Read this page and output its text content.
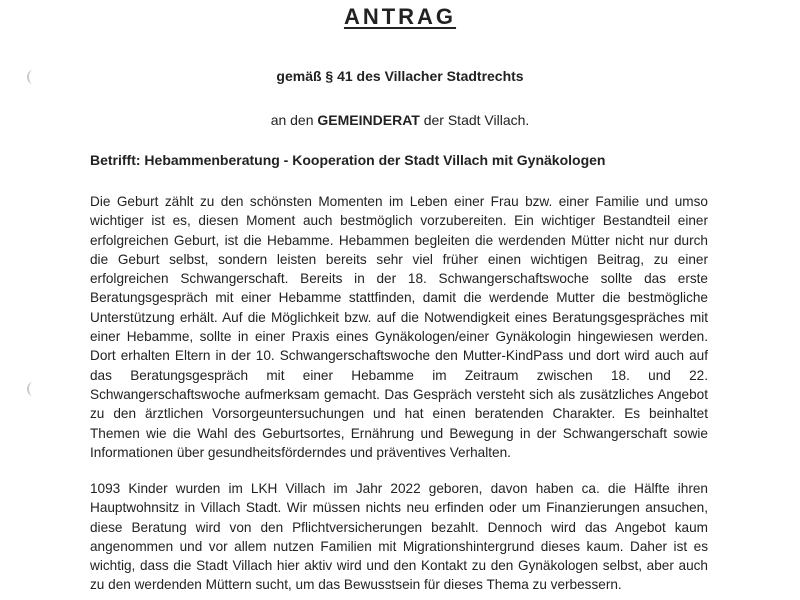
ANTRAG
gemäß § 41 des Villacher Stadtrechts
an den GEMEINDERAT der Stadt Villach.
Betrifft: Hebammenberatung - Kooperation der Stadt Villach mit Gynäkologen
Die Geburt zählt zu den schönsten Momenten im Leben einer Frau bzw. einer Familie und umso wichtiger ist es, diesen Moment auch bestmöglich vorzubereiten. Ein wichtiger Bestandteil einer erfolgreichen Geburt, ist die Hebamme. Hebammen begleiten die werdenden Mütter nicht nur durch die Geburt selbst, sondern leisten bereits sehr viel früher einen wichtigen Beitrag, zu einer erfolgreichen Schwangerschaft. Bereits in der 18. Schwangerschaftswoche sollte das erste Beratungsgespräch mit einer Hebamme stattfinden, damit die werdende Mutter die bestmögliche Unterstützung erhält. Auf die Möglichkeit bzw. auf die Notwendigkeit eines Beratungsgespräches mit einer Hebamme, sollte in einer Praxis eines Gynäkologen/einer Gynäkologin hingewiesen werden. Dort erhalten Eltern in der 10. Schwangerschaftswoche den Mutter-KindPass und dort wird auch auf das Beratungsgespräch mit einer Hebamme im Zeitraum zwischen 18. und 22. Schwangerschaftswoche aufmerksam gemacht. Das Gespräch versteht sich als zusätzliches Angebot zu den ärztlichen Vorsorgeuntersuchungen und hat einen beratenden Charakter. Es beinhaltet Themen wie die Wahl des Geburtsortes, Ernährung und Bewegung in der Schwangerschaft sowie Informationen über gesundheitsförderndes und präventives Verhalten.
1093 Kinder wurden im LKH Villach im Jahr 2022 geboren, davon haben ca. die Hälfte ihren Hauptwohnsitz in Villach Stadt. Wir müssen nichts neu erfinden oder um Finanzierungen ansuchen, diese Beratung wird von den Pflichtversicherungen bezahlt. Dennoch wird das Angebot kaum angenommen und vor allem nutzen Familien mit Migrationshintergrund dieses kaum. Daher ist es wichtig, dass die Stadt Villach hier aktiv wird und den Kontakt zu den Gynäkologen selbst, aber auch zu den werdenden Müttern sucht, um das Bewusstsein für dieses Thema zu verbessern.
